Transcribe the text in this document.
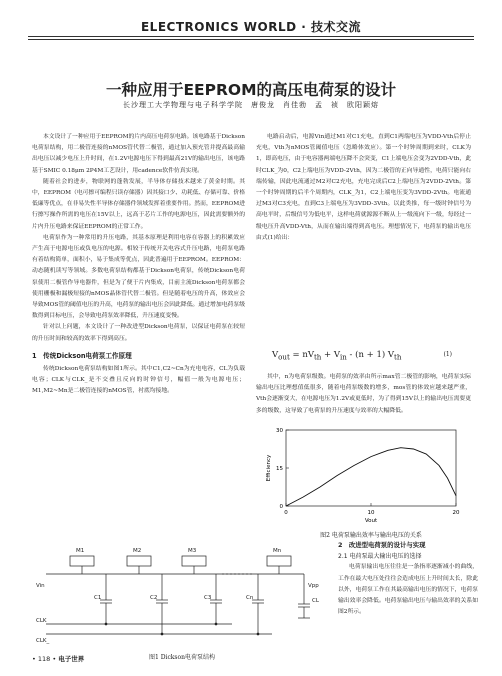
ELECTRONICS WORLD · 技术交流
一种应用于EEPROM的高压电荷泵的设计
长沙理工大学物理与电子科学学院　唐俊龙　肖佳勃　孟　祯　欧阳颖熔

本文设计了一种应用于EEPROM的片内高压电荷泵电路。该电路基于Dickson电荷泵结构，用二极管连接的nMOS管代替二极管，通过加入预充管并提高最高输出电压以减少电压上升时间，在1.2V电源电压下得到最高21V的输出电压，该电路基于SMIC 0.18μm 2P4M工艺设计，用cadence软件仿真实现。

随着社会的进步，物联网的蓬勃发展，半导体存储技术越来了黄金时期。其中，EEPROM（电可擦可编程只读存储器）因其接口少、功耗低、存储可靠、价格低廉等优点，在非易失性半导体存储器件领域发挥着重要作用。然而，EEPROM进行擦写操作所需的电压在15V以上，远高于芯片工作的电源电压，因此需要额外的片内升压电路来保证EEPROM的正常工作。

电荷泵作为一种常用的升压电路，其基本原理是利用电容在容器上的积累效应产生高于电源电压或负电压的电源。相较于传统开关电容式升压电路，电荷泵电路有着结构简单，面积小，易于集成等优点，因此普遍用于EEPROM。EEPROM：动态随机读写等领域。多数电荷泵结构都基于Dickson电荷泵，传统Dickson电荷泵使用二极管作导电器件，但是为了便于片内集成，目前主流Dickson电荷泵都会使用栅极和漏极短接的nMOS晶体管代替二极管。但是随着电压的升高，体效应会导致MOS管的阈值电压的升高，电荷泵的输出电压会因此降低。通过增加电荷泵级数得到目标电压，会导致电荷泵效率降低，升压速度变慢。

针对以上问题，本文设计了一种改进型Dickson电荷泵，以保证电荷泵在较短的升压时间和较高的效率下得到高压。

1　传统Dickson电荷泵工作原理

传统Dickson电荷泵结构如图1所示。其中C1,C2~Cn为充电电容，CL为负载电容；CLK与CLK_是不交叠且反向的时钟信号，幅值一般为电源电压；M1,M2~Mn是二极管连接的nMOS管，衬底均接地。

电路启动后，电源Vin通过M1对C1充电，直到C1两端电压为VDD-Vth后停止充电，Vth为nMOS管阈值电压（忽略体效应）。第一个时钟周期到来时，CLK为1，即高电压，由于电容器两端电压降不会突变，C1上端电压会变为2VDD-Vth，此时CLK_为0，C2上端电压为VDD-2Vth，因为二极管的正向导通性，电荷只能向右端传输，因此电流通过M2对C2充电，充电完成后C2上端电压为2VDD-2Vth。第一个时钟周期的后半个周期内，CLK_为1，C2上端电压变为3VDD-2Vth。电流通过M3对C3充电，直到C3上端电压为3VDD-3Vth。以此类推，每一级时钟信号为高电平时，后级信号为低电平，这样电荷就源源不断从上一级流向下一级，每经过一级电压升高VDD-Vth，从而在输出端得到高电压。理想情况下，电荷泵的输出电压由式(1)给出：

$V_{out} = nV_{th} + V_{in} - (n + 1)$ $V_{th}$	(1)

其中，n为电荷泵级数。电荷泵的效率由所示max管二极管的影响，电荷泵实际输出电压比理想值低很多，随着电荷泵级数的增多，mos管的体效应越来越严重，Vth会逐渐变大，在电源电压为1.2V或更低时，为了得到15V以上的输出电压需要更多的级数，这导致了电荷泵的升压速度与效率的大幅降低。

0	10	20
0
15
30
Vout
Efficiency
图2 电荷泵输出效率与输出电压的关系
M1	M2	M3	Mn
C1	C2	C3	Cn	CL
Vin	Vpp
CLK
CLK_
图1 Dickson电荷泵结构
2　改进型电荷泵的设计与实现
2.1 电荷泵最大输出电压的选择

电荷泵输出电压往往是一条指率逐渐减小的曲线，工作在最大电压处往往会造成电压上升时间太长，除此以外，电荷泵工作在其最高输出电压的情况下，电荷泵输出效率会降低。电荷泵输出电压与输出效率的关系如图2所示。

• 118 • 电子世界
